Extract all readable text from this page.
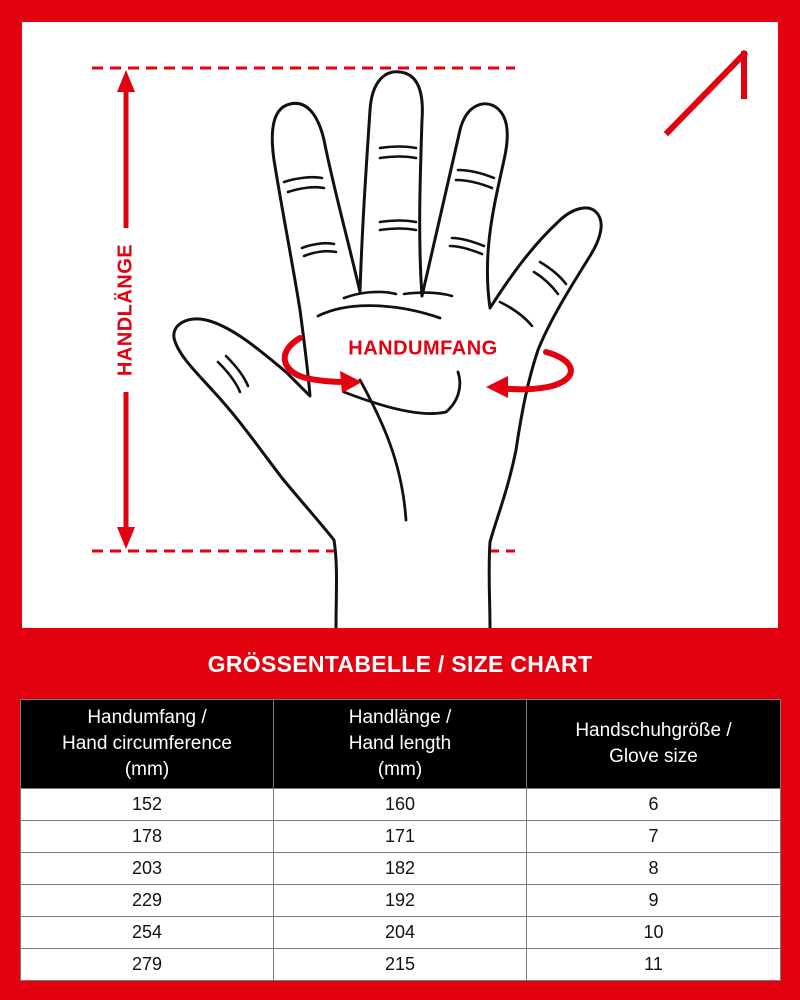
HANDLÄNGE	HANDUMFANG
GRÖSSENTABELLE / SIZE CHART
Handumfang /
Hand circumference
(mm)	Handlänge /
Hand length
(mm)	Handschuhgröße /
Glove size

152	160	6
178	171	7
203	182	8
229	192	9
254	204	10
279	215	11
